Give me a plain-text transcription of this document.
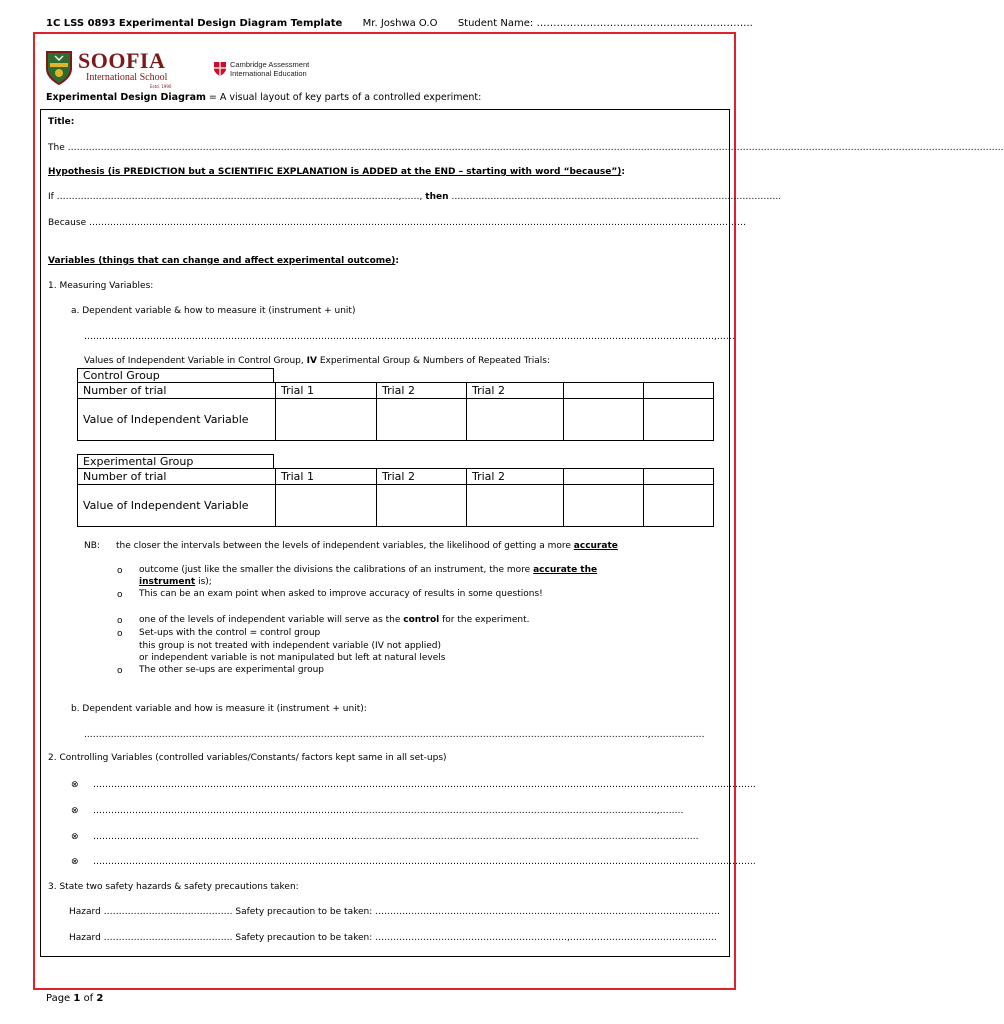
1C LSS 0893 Experimental Design Diagram Template Mr. Joshwa O.O Student Name: ………………………………………………………..
SOOFIA
International School
Estd. 1990
Cambridge Assessment
International Education
Experimental Design Diagram = A visual layout of key parts of a controlled experiment:
Title:
The ……………………………………………………………………………………………………………………………………………………………………………………………………………………………………………………………………………………
Hypothesis (is PREDICTION but a SCIENTIFIC EXPLANATION is ADDED at the END – starting with word “because”):
If ……………………………………………………………………………………………………,……, then ………………………………………………………………………………………………..
Because …………………………………………………………………………………………………………………………………………………………………………………………………
Variables (things that can change and affect experimental outcome):
1. Measuring Variables:
a. Dependent variable & how to measure it (instrument + unit)
…………………………………………………………………………………………………………………………………………………………………………………………,……
Values of Independent Variable in Control Group, IV Experimental Group & Numbers of Repeated Trials:
Control Group
Number of trial	Trial 1	Trial 2	Trial 2		
Value of Independent Variable					
Experimental Group
Number of trial	Trial 1	Trial 2	Trial 2		
Value of Independent Variable					
NB: the closer the intervals between the levels of independent variables, the likelihood of getting a more accurate
o outcome (just like the smaller the divisions the calibrations of an instrument, the more accurate the
instrument is);
o This can be an exam point when asked to improve accuracy of results in some questions!
o one of the levels of independent variable will serve as the control for the experiment.
o Set-ups with the control = control group
this group is not treated with independent variable (IV not applied)
or independent variable is not manipulated but left at natural levels
o The other se-ups are experimental group
b. Dependent variable and how is measure it (instrument + unit):
..……………………………………………………………………………………………………………………………………………………………………,………………
2. Controlling Variables (controlled variables/Constants/ factors kept same in all set-ups)
⊗ …………………………………………………………………………………………………………………………………………………………………………………………………..
⊗ ……………………………………………………………………………..………………………………………………………………………………………,……..
⊗ ……………………………………………………………………………..…………………………………………………………………………………………………..
⊗ …………………………………………………………………………………………………………………………………………………………………………………………………..
3. State two safety hazards & safety precautions taken:
Hazard ……………………………………. Safety precaution to be taken: …………………………………………………………………………………………………….
Hazard ……………………………………. Safety precaution to be taken: ……………………………………………………….,………………………………………….
Page 1 of 2
